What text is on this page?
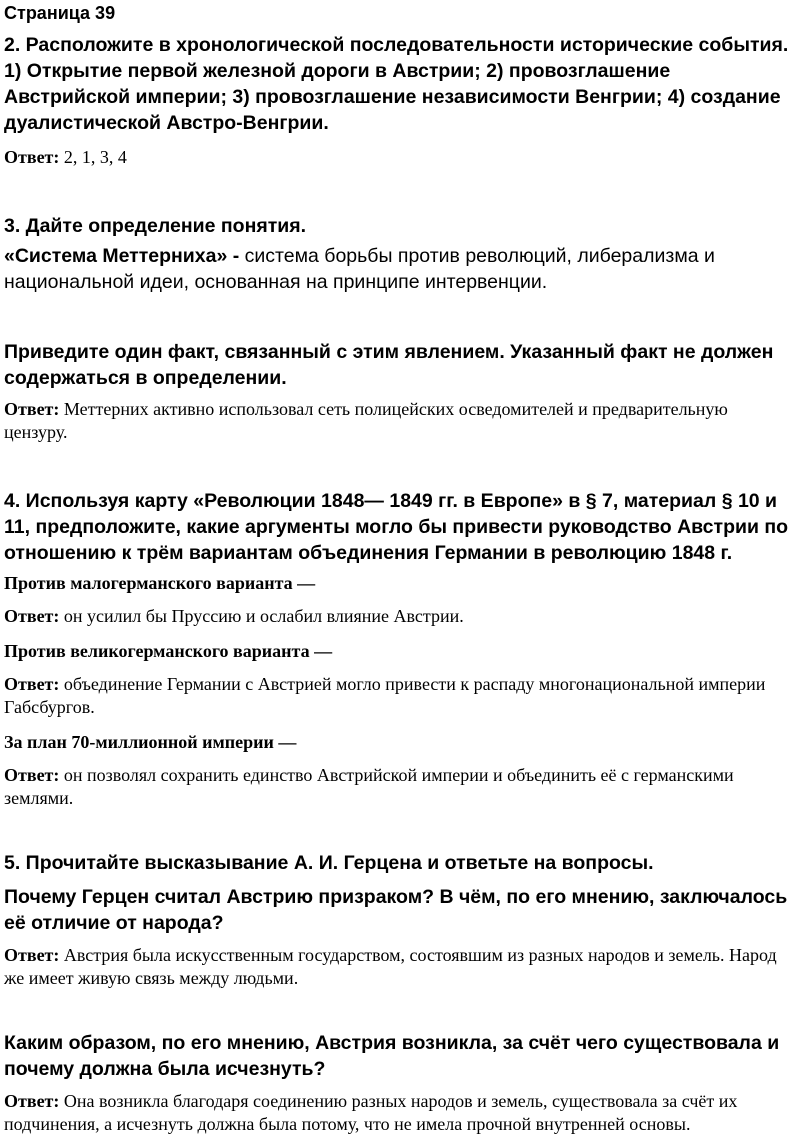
Страница 39

2. Расположите в хронологической последовательности исторические события. 1) Открытие первой железной дороги в Австрии; 2) провозглашение Австрийской империи; 3) провозглашение независимости Венгрии; 4) создание дуалистической Австро-Венгрии.

Ответ: 2, 1, 3, 4

3. Дайте определение понятия.

«Система Меттерниха» - система борьбы против революций, либерализма и национальной идеи, основанная на принципе интервенции.

Приведите один факт, связанный с этим явлением. Указанный факт не должен содержаться в определении.

Ответ: Меттерних активно использовал сеть полицейских осведомителей и предварительную цензуру.

4. Используя карту «Революции 1848— 1849 гг. в Европе» в § 7, материал § 10 и 11, предположите, какие аргументы могло бы привести руководство Австрии по отношению к трём вариантам объединения Германии в революцию 1848 г.

Против малогерманского варианта —

Ответ: он усилил бы Пруссию и ослабил влияние Австрии.

Против великогерманского варианта —

Ответ: объединение Германии с Австрией могло привести к распаду многонациональной империи Габсбургов.

За план 70-миллионной империи —

Ответ: он позволял сохранить единство Австрийской империи и объединить её с германскими землями.

5. Прочитайте высказывание А. И. Герцена и ответьте на вопросы.

Почему Герцен считал Австрию призраком? В чём, по его мнению, заключалось её отличие от народа?

Ответ: Австрия была искусственным государством, состоявшим из разных народов и земель. Народ же имеет живую связь между людьми.

Каким образом, по его мнению, Австрия возникла, за счёт чего существовала и почему должна была исчезнуть?

Ответ: Она возникла благодаря соединению разных народов и земель, существовала за счёт их подчинения, а исчезнуть должна была потому, что не имела прочной внутренней основы.
